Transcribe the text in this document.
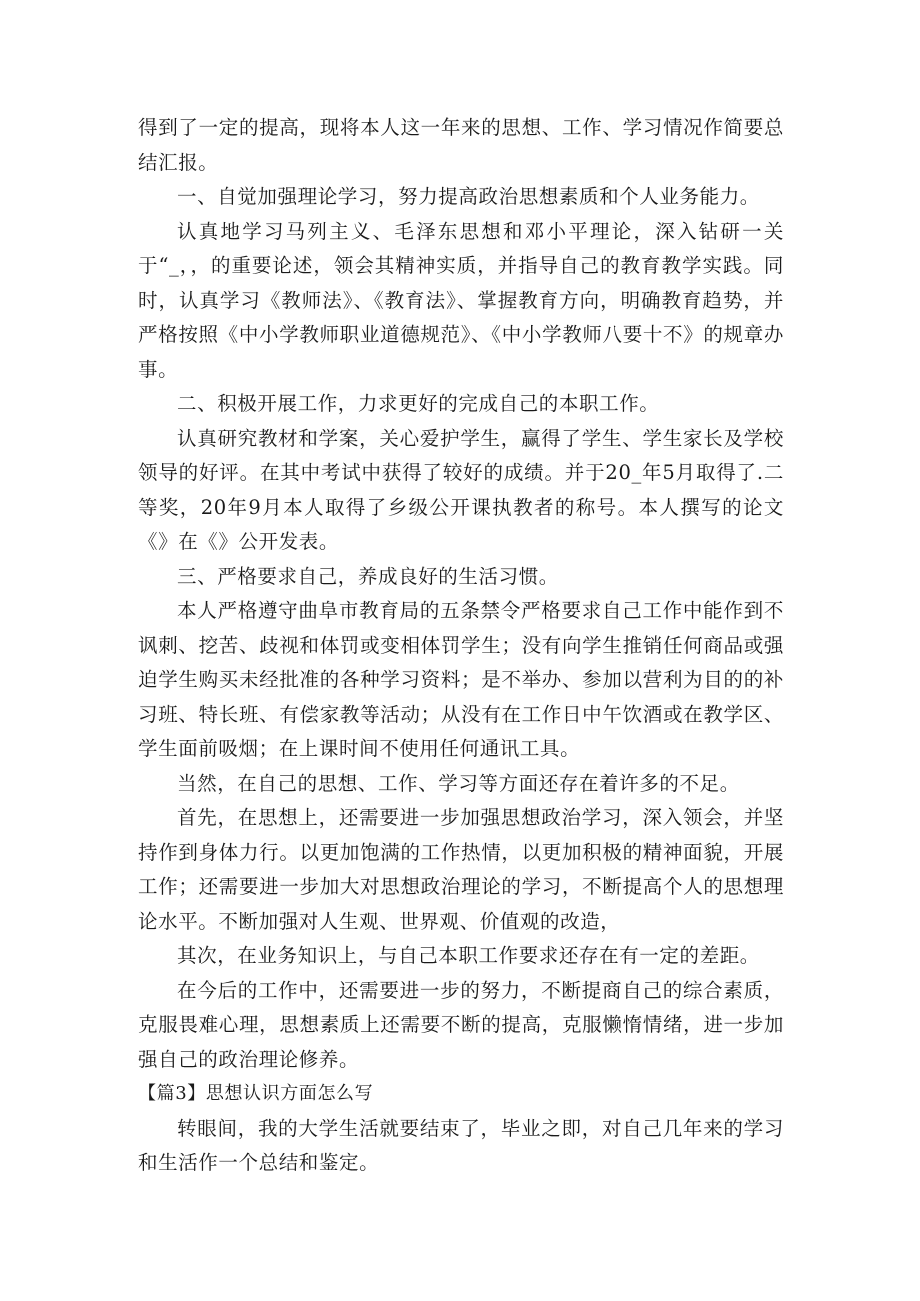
得到了一定的提高，现将本人这一年来的思想、工作、学习情况作简要总结汇报。

一、自觉加强理论学习，努力提高政治思想素质和个人业务能力。

认真地学习马列主义、毛泽东思想和邓小平理论，深入钻研一关于“_，，的重要论述，领会其精神实质，并指导自己的教育教学实践。同时，认真学习《教师法》、《教育法》、掌握教育方向，明确教育趋势，并严格按照《中小学教师职业道德规范》、《中小学教师八要十不》的规章办事。

二、积极开展工作，力求更好的完成自己的本职工作。

认真研究教材和学案，关心爱护学生，赢得了学生、学生家长及学校领导的好评。在其中考试中获得了较好的成绩。并于20_年5月取得了.二等奖，20年9月本人取得了乡级公开课执教者的称号。本人撰写的论文《》在《》公开发表。

三、严格要求自己，养成良好的生活习惯。

本人严格遵守曲阜市教育局的五条禁令严格要求自己工作中能作到不讽刺、挖苦、歧视和体罚或变相体罚学生；没有向学生推销任何商品或强迫学生购买未经批准的各种学习资料；是不举办、参加以营利为目的的补习班、特长班、有偿家教等活动；从没有在工作日中午饮酒或在教学区、学生面前吸烟；在上课时间不使用任何通讯工具。

当然，在自己的思想、工作、学习等方面还存在着许多的不足。

首先，在思想上，还需要进一步加强思想政治学习，深入领会，并坚持作到身体力行。以更加饱满的工作热情，以更加积极的精神面貌，开展工作；还需要进一步加大对思想政治理论的学习，不断提高个人的思想理论水平。不断加强对人生观、世界观、价值观的改造，

其次，在业务知识上，与自己本职工作要求还存在有一定的差距。

在今后的工作中，还需要进一步的努力，不断提商自己的综合素质，克服畏难心理，思想素质上还需要不断的提高，克服懒惰情绪，进一步加强自己的政治理论修养。

【篇3】思想认识方面怎么写

转眼间，我的大学生活就要结束了，毕业之即，对自己几年来的学习和生活作一个总结和鉴定。
